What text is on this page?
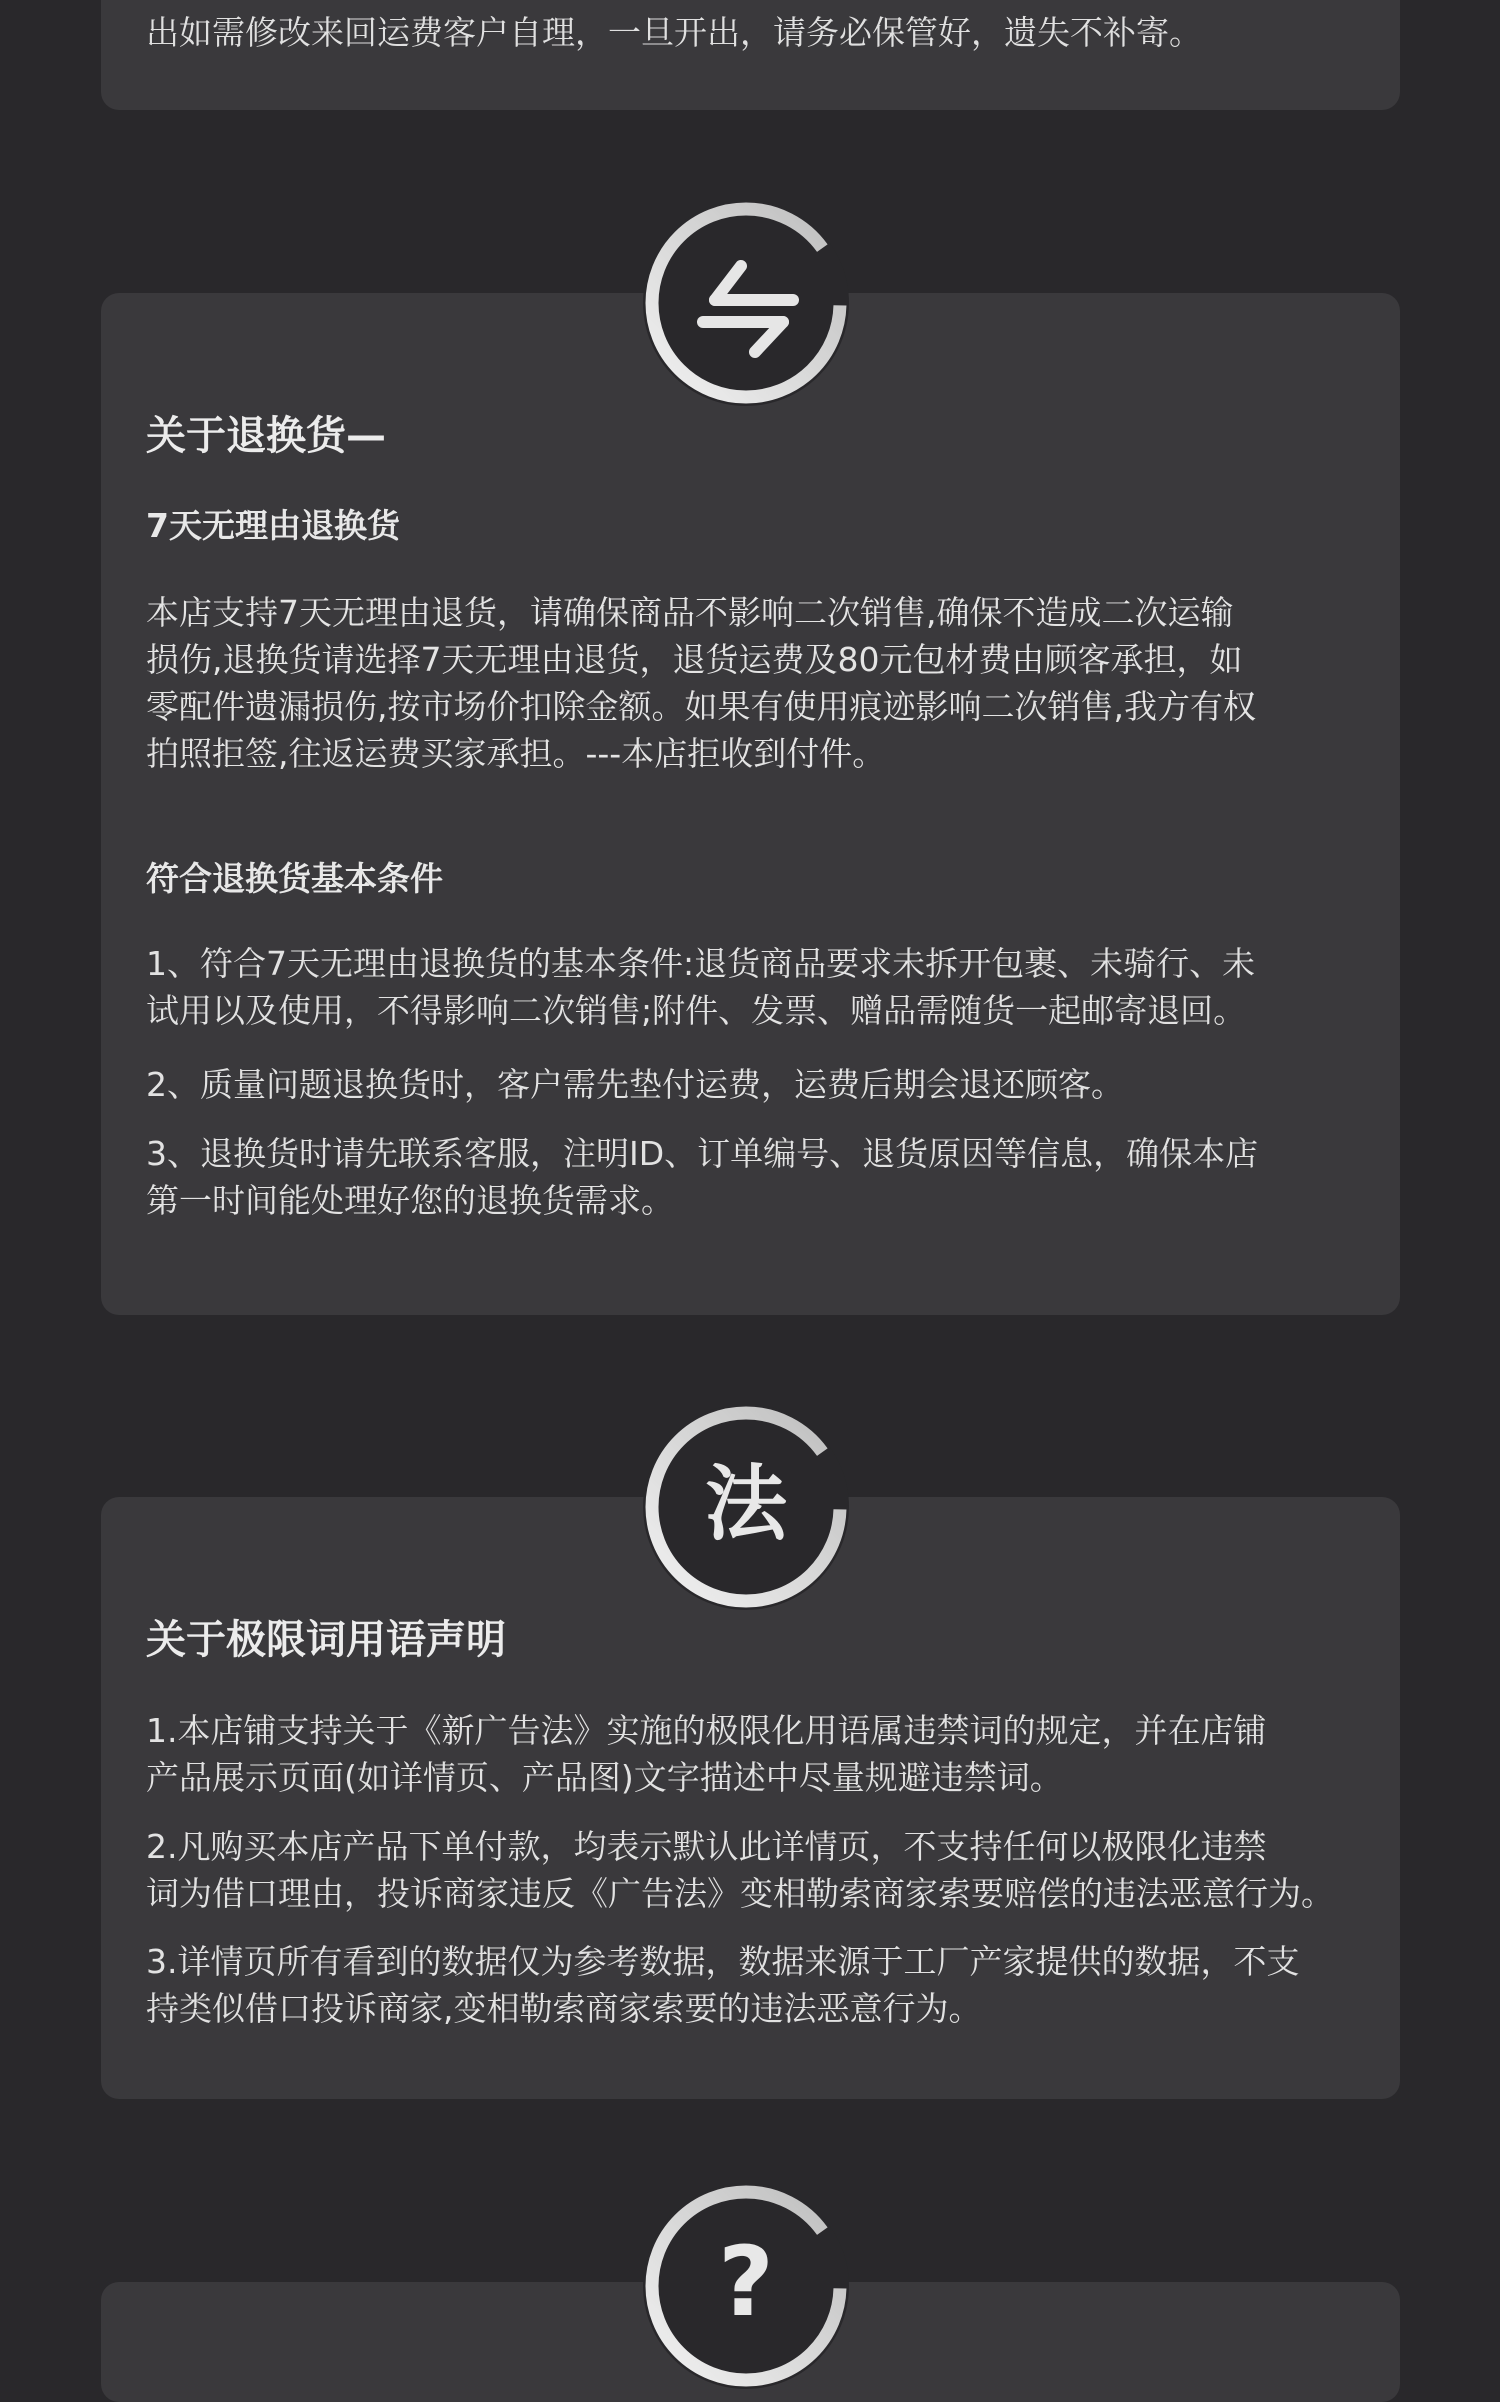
出如需修改来回运费客户自理，一旦开出，请务必保管好，遗失不补寄。

关于退换货—
7天无理由退换货
本店支持7天无理由退货，请确保商品不影响二次销售,确保不造成二次运输
损伤,退换货请选择7天无理由退货，退货运费及80元包材费由顾客承担，如
零配件遗漏损伤,按市场价扣除金额。如果有使用痕迹影响二次销售,我方有权
拍照拒签,往返运费买家承担。---本店拒收到付件。
符合退换货基本条件
1、符合7天无理由退换货的基本条件:退货商品要求未拆开包裹、未骑行、未
试用以及使用，不得影响二次销售;附件、发票、赠品需随货一起邮寄退回。
2、质量问题退换货时，客户需先垫付运费，运费后期会退还顾客。
3、退换货时请先联系客服，注明ID、订单编号、退货原因等信息，确保本店
第一时间能处理好您的退换货需求。
法
关于极限词用语声明
1.本店铺支持关于《新广告法》实施的极限化用语属违禁词的规定，并在店铺
产品展示页面(如详情页、产品图)文字描述中尽量规避违禁词。
2.凡购买本店产品下单付款，均表示默认此详情页，不支持任何以极限化违禁
词为借口理由，投诉商家违反《广告法》变相勒索商家索要赔偿的违法恶意行为。
3.详情页所有看到的数据仅为参考数据，数据来源于工厂产家提供的数据，不支
持类似借口投诉商家,变相勒索商家索要的违法恶意行为。
?
